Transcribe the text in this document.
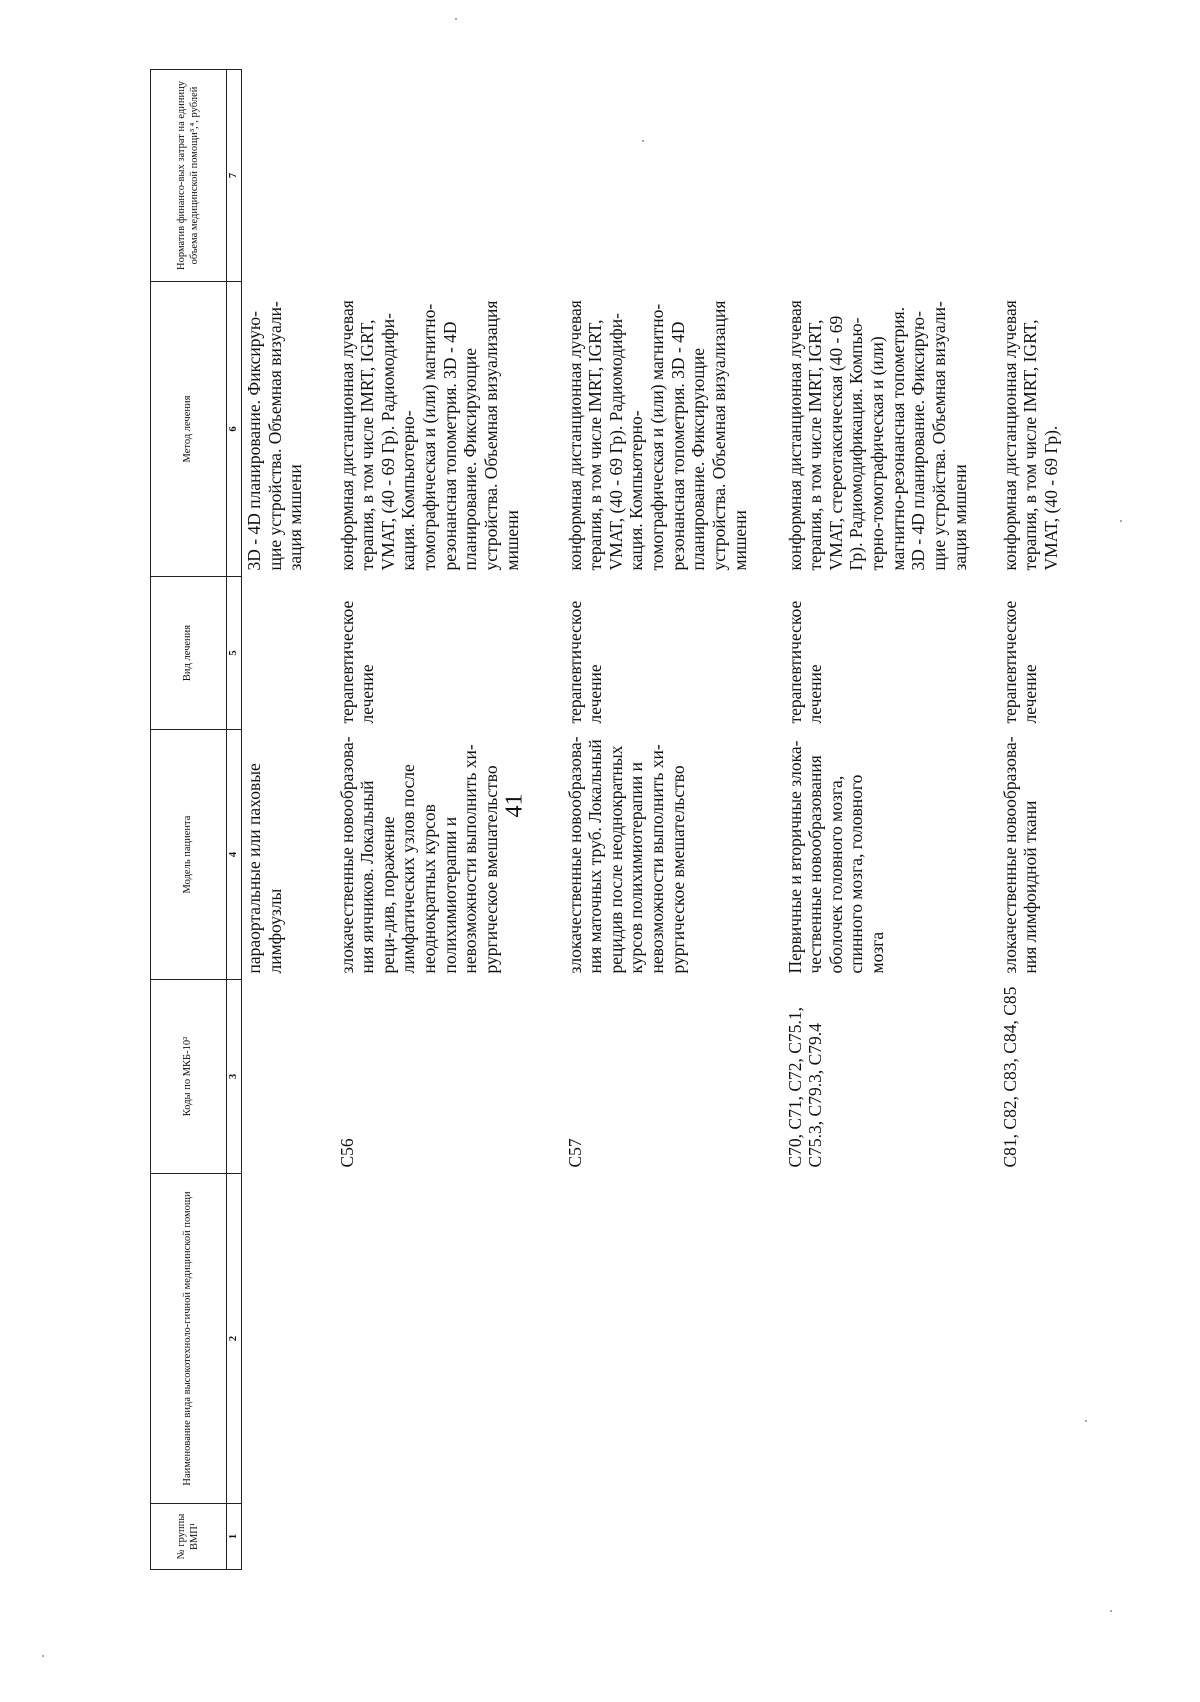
41
№ группы ВМП¹	Наименование вида высокотехноло-гичной медицинской помощи	Коды по МКБ-10²	Модель пациента	Вид лечения	Метод лечения	Норматив финансо-вых затрат на единицу объема медицинской помощи³,⁴, рублей
1	2	3	4	5	6	7
			параортальные или паховые лимфоузлы		3D - 4D планирование. Фиксирую-щие устройства. Объемная визуали-зация мишени	
		C56	злокачественные новообразова-ния яичников. Локальный реци-див, поражение лимфатических узлов после неоднократных курсов полихимиотерапии и невозможности выполнить хи-рургическое вмешательство	терапевтическое лечение	конформная дистанционная лучевая терапия, в том числе IMRT, IGRT, VMAT, (40 - 69 Гр). Радиомодифи-кация. Компьютерно-томографическая и (или) магнитно-резонансная топометрия. 3D - 4D планирование. Фиксирующие устройства. Объемная визуализация мишени	
		C57	злокачественные новообразова-ния маточных труб. Локальный рецидив после неоднократных курсов полихимиотерапии и невозможности выполнить хи-рургическое вмешательство	терапевтическое лечение	конформная дистанционная лучевая терапия, в том числе IMRT, IGRT, VMAT, (40 - 69 Гр). Радиомодифи-кация. Компьютерно-томографическая и (или) магнитно-резонансная топометрия. 3D - 4D планирование. Фиксирующие устройства. Объемная визуализация мишени	
		C70, C71, C72, C75.1, C75.3, C79.3, C79.4	Первичные и вторичные злока-чественные новообразования оболочек головного мозга, спинного мозга, головного мозга	терапевтическое лечение	конформная дистанционная лучевая терапия, в том числе IMRT, IGRT, VMAT, стереотаксическая (40 - 69 Гр). Радиомодификация. Компью-терно-томографическая и (или) магнитно-резонансная топометрия. 3D - 4D планирование. Фиксирую-щие устройства. Объемная визуали-зация мишени	
		C81, C82, C83, C84, C85	злокачественные новообразова-ния лимфоидной ткани	терапевтическое лечение	конформная дистанционная лучевая терапия, в том числе IMRT, IGRT, VMAT, (40 - 69 Гр).	
